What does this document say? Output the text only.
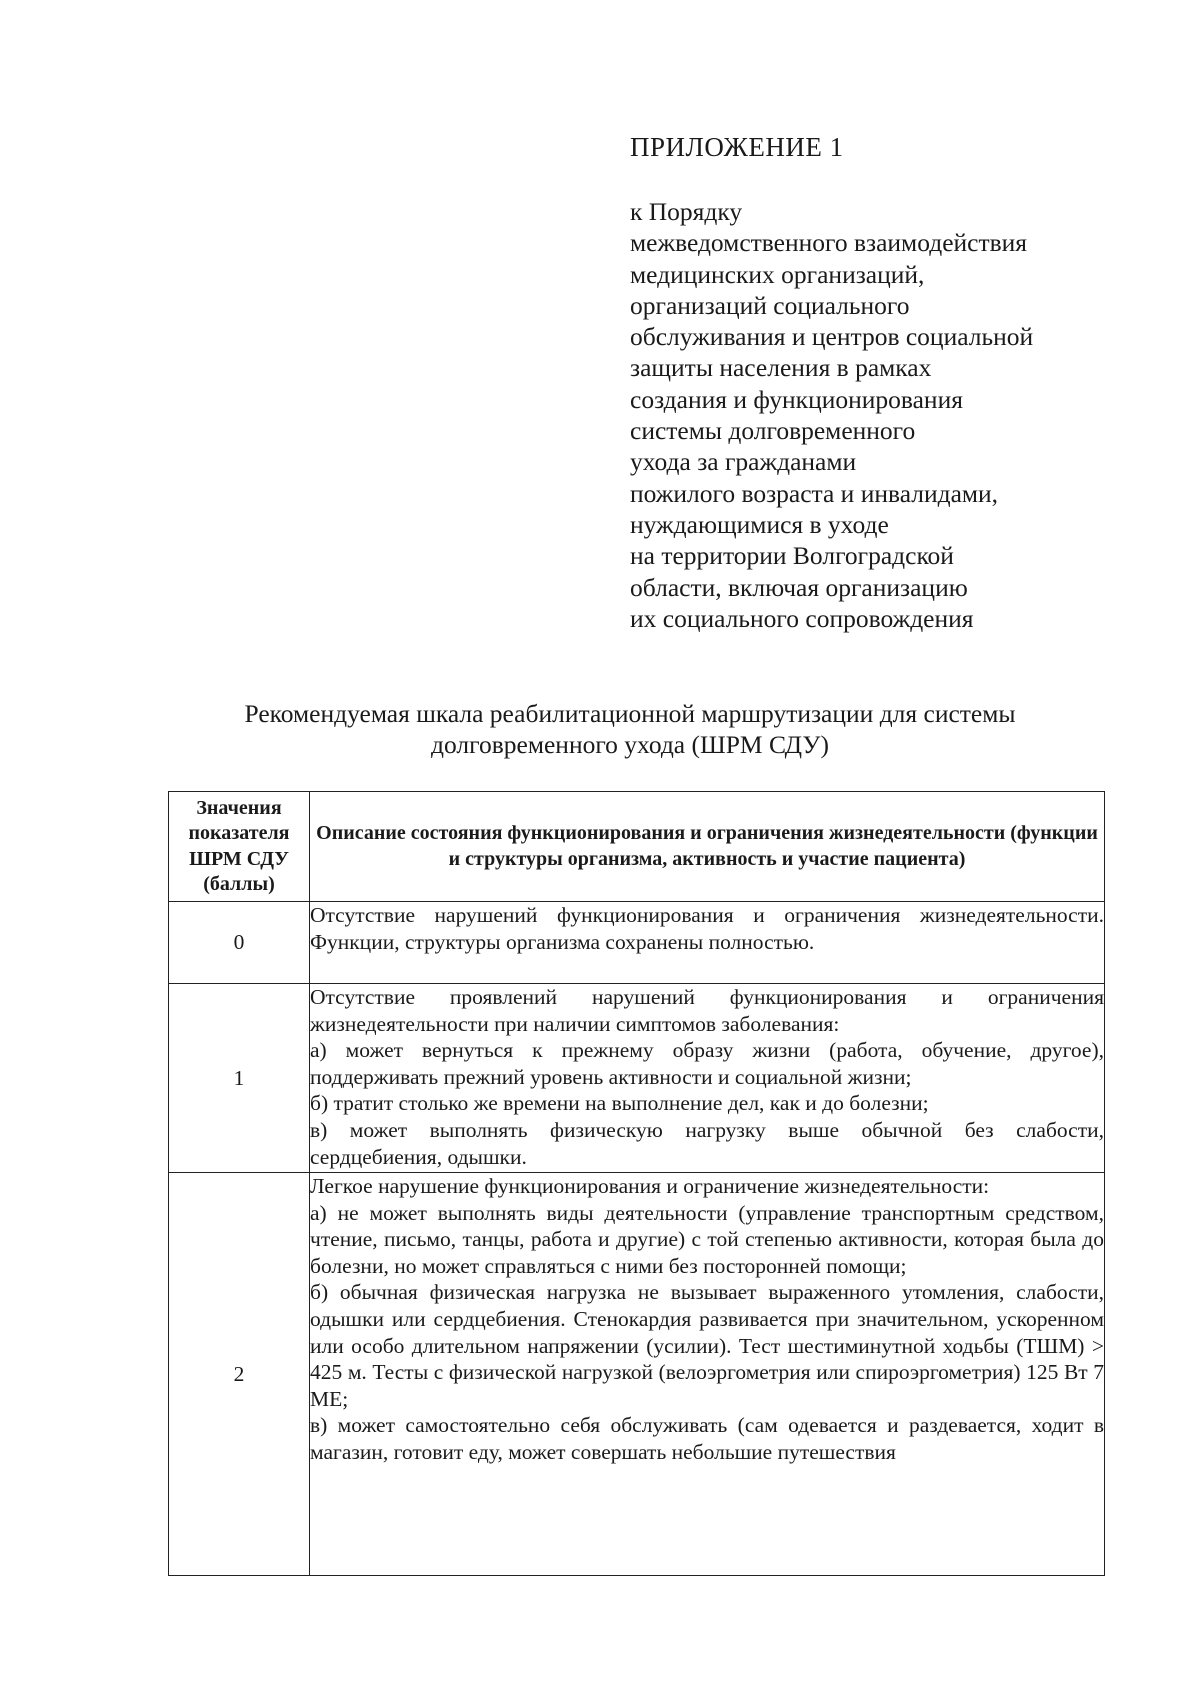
ПРИЛОЖЕНИЕ 1
к Порядку
межведомственного взаимодействия
медицинских организаций,
организаций социального
обслуживания и центров социальной
защиты населения в рамках
создания и функционирования
системы долговременного
ухода за гражданами
пожилого возраста и инвалидами,
нуждающимися в уходе
на территории Волгоградской
области, включая организацию
их социального сопровождения
Рекомендуемая шкала реабилитационной маршрутизации для системы
долговременного ухода (ШРМ СДУ)
Значения показателя ШРМ СДУ (баллы)	Описание состояния функционирования и ограничения жизнедеятельности (функции и структуры организма, активность и участие пациента)
0	Отсутствие нарушений функционирования и ограничения жизнедеятельности. Функции, структуры организма сохранены полностью.
1	Отсутствие проявлений нарушений функционирования и ограничения жизнедеятельности при наличии симптомов заболевания:
а) может вернуться к прежнему образу жизни (работа, обучение, другое), поддерживать прежний уровень активности и социальной жизни;
б) тратит столько же времени на выполнение дел, как и до болезни;
в) может выполнять физическую нагрузку выше обычной без слабости, сердцебиения, одышки.

2	Легкое нарушение функционирования и ограничение жизнедеятельности:
а) не может выполнять виды деятельности (управление транспортным средством, чтение, письмо, танцы, работа и другие) с той степенью активности, которая была до болезни, но может справляться с ними без посторонней помощи;
б) обычная физическая нагрузка не вызывает выраженного утомления, слабости, одышки или сердцебиения. Стенокардия развивается при значительном, ускоренном или особо длительном напряжении (усилии). Тест шестиминутной ходьбы (ТШМ) > 425 м. Тесты с физической нагрузкой (велоэргометрия или спироэргометрия) 125 Вт 7 МЕ;
в) может самостоятельно себя обслуживать (сам одевается и раздевается, ходит в магазин, готовит еду, может совершать небольшие путешествия
